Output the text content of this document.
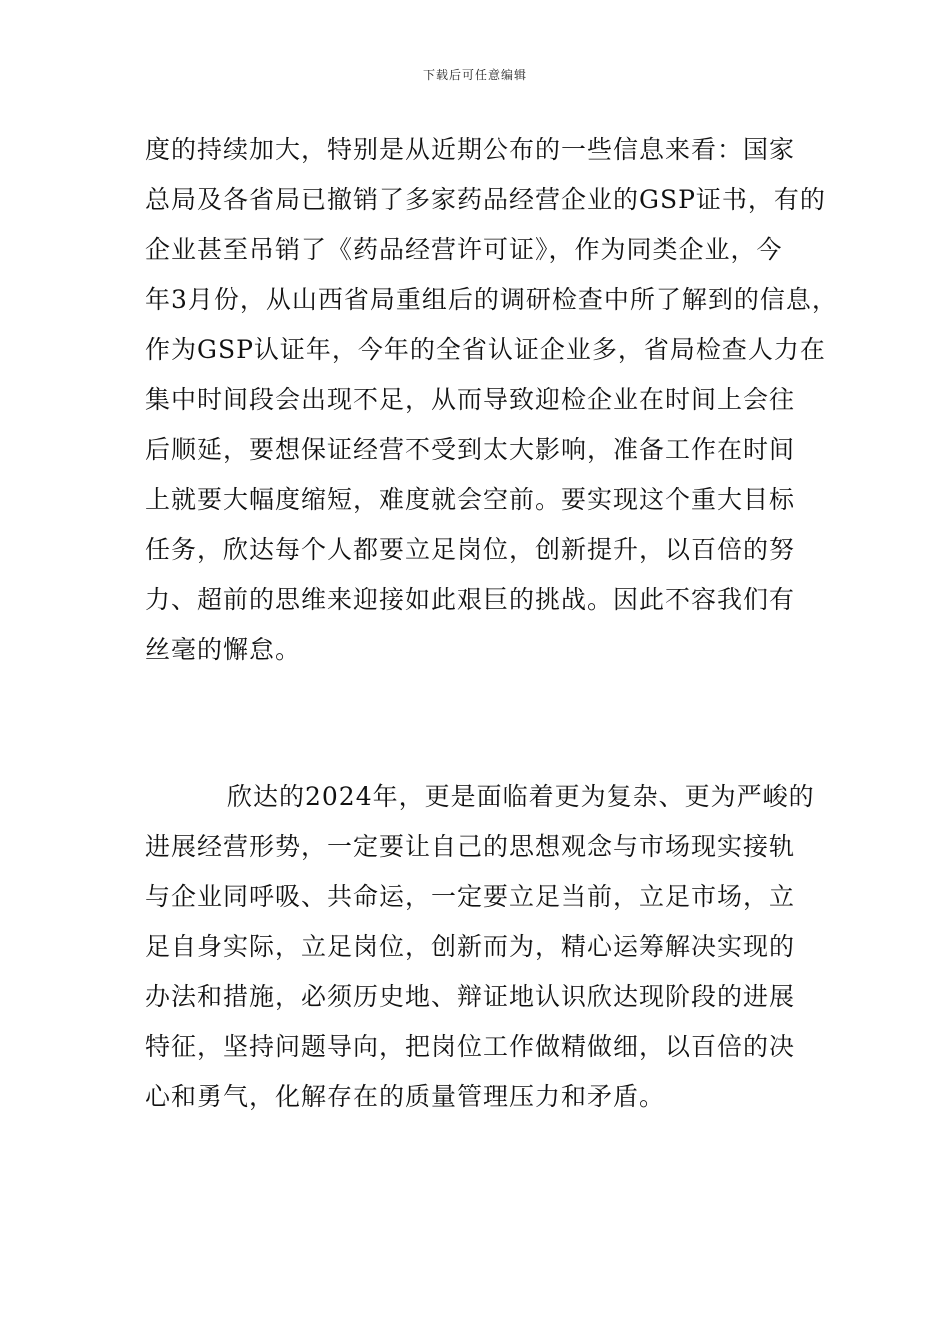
下载后可任意编辑
度的持续加大，特别是从近期公布的一些信息来看：国家
总局及各省局已撤销了多家药品经营企业的GSP证书，有的
企业甚至吊销了《药品经营许可证》，作为同类企业，今
年3月份，从山西省局重组后的调研检查中所了解到的信息，
作为GSP认证年，今年的全省认证企业多，省局检查人力在
集中时间段会出现不足，从而导致迎检企业在时间上会往
后顺延，要想保证经营不受到太大影响，准备工作在时间
上就要大幅度缩短，难度就会空前。要实现这个重大目标
任务，欣达每个人都要立足岗位，创新提升，以百倍的努
力、超前的思维来迎接如此艰巨的挑战。因此不容我们有
丝毫的懈怠。
欣达的2024年，更是面临着更为复杂、更为严峻的
进展经营形势，一定要让自己的思想观念与市场现实接轨
与企业同呼吸、共命运，一定要立足当前，立足市场，立
足自身实际，立足岗位，创新而为，精心运筹解决实现的
办法和措施，必须历史地、辩证地认识欣达现阶段的进展
特征，坚持问题导向，把岗位工作做精做细，以百倍的决
心和勇气，化解存在的质量管理压力和矛盾。
